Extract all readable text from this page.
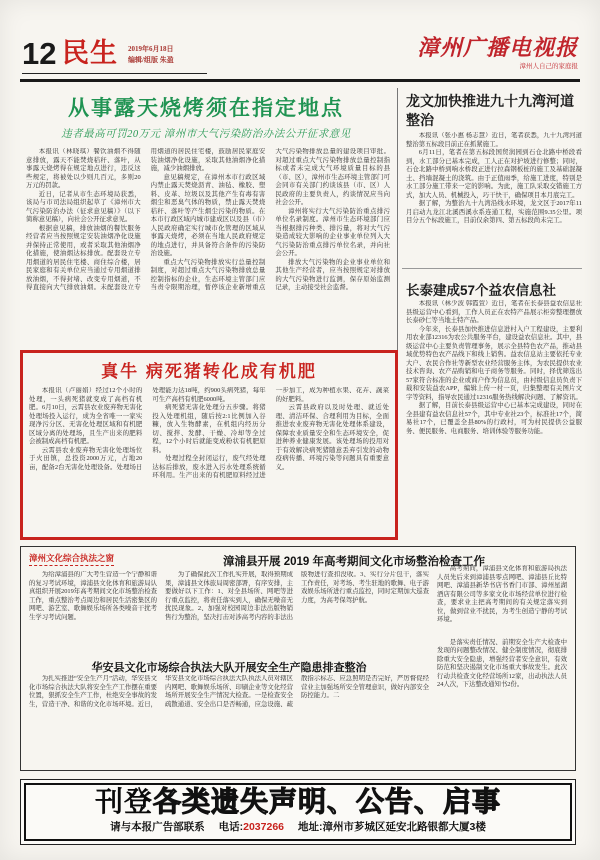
12 民生 2019年6月18日
编辑/组版 朱盈	漳州广播电视报
漳州人自己的家庭报
从事露天烧烤须在指定地点
违者最高可罚20万元 漳州市大气污染防治办法公开征求意见

本报讯（林晓琪）餐饮油烟不得随意排放，露天不能焚烧秸秆、落叶，从事露天烧烤得在规定地点进行，违反这些规定，将被处以少则几百元，多则20万元的罚款。

近日，记者从市生态环境局获悉，该局与市司法局组织起草了《漳州市大气污染防治办法（征求意见稿）》（以下简称意见稿），向社会公开征求意见。

根据意见稿，排放油烟的餐饮服务经营者应当按照规定安装油烟净化设施并保持正常使用，或者采取其他油烟净化措施，使油烟达标排放。配套设立专用烟道的居民住宅楼、商住综合楼，居民家庭和有关单位应当通过专用烟道排放油烟，不得封堵、改变专用烟道，不得直接向大气排放油烟。未配套设立专用烟道的居民住宅楼，鼓励居民家庭安装油烟净化设施，采取其他油烟净化措施，减少油烟排放。

意见稿规定，在漳州本市行政区域内禁止露天焚烧沥青、油毡、橡胶、塑料、皮革、垃圾以及其他产生有毒有害烟尘和恶臭气体的物质，禁止露天焚烧秸秆、落叶等产生烟尘污染的物质。在本市行政区域内城市建成区以及县（市）人民政府确定实行城市化管理的区域从事露天烧烤，必须在当地人民政府规定的地点进行，并具备符合条件的污染防治设施。

重点大气污染物排放实行总量控制制度，对超过重点大气污染物排放总量控制指标的企业，生态环境主管部门应当责令限期治理，暂停该企业新增重点大气污染物排放总量的建设项目审批。对超过重点大气污染物排放总量控制指标或者未完成大气环境质量目标的县（市、区），漳州市生态环境主管部门可会同市有关部门约谈该县（市、区）人民政府的主要负责人，约谈情况应当向社会公开。

漳州将实行大气污染防治重点排污单位名录制度。漳州市生态环境部门应当根据排污种类、排污量，将对大气污染造成较大影响的企业事业单位列入大气污染防治重点排污单位名录，并向社会公开。

排放大气污染物的企业事业单位和其他生产经营者，应当按照规定对排放的大气污染物进行监测，保存原始监测记录，主动接受社会监督。

真牛 病死猪转化成有机肥

本报讯（卢丽娟）经过12个小时的处理，一头病死猪就变成了高档有机肥。6月10日，云霄县农业废弃物无害化处理场投入运行，成为全省唯一一家实现净污分区、无害化处理区域和有机肥区域分离的处理场，且生产出来的肥料会被制成高档有机肥。

云霄县农业废弃物无害化处理场位于火田镇，总投资2000万元，占地20亩，配备2台无害化处理设备。处理场日处理能力达18吨，约900头病死猪，每年可生产高档有机肥6000吨。

病死猪无害化处理分五步骤。将猪投入处理机组，随后按2:1比例加入谷糠，放入生物酵素，在机组内经历分切、搅拌、发酵、干燥、冷却等全过程，12个小时后就能变成粉状有机肥原料。

处理过程全封闭运行，废气经处理达标后排放，废水进入污水处理系统循环利用。生产出来的有机肥原料经过进一步加工，成为种植水果、花卉、蔬菜的好肥料。

云霄县政府以及时处理、就近处理、清洁环保、合理利用为目标，全面推进农业废弃物无害化处理体系建设，保障农业质量安全和生态环境安全，促进种养业健康发展。该处理场的投用对于有效解决病死猪随意丢弃引发的动物疫病传播、环境污染等问题具有重要意义。

龙文加快推进九十九湾河道整治

本报讯（张小惠 杨志慧）近日，笔者获悉，九十九湾河道整治第五标段目前正在抓紧施工。

6月11日，笔者在第五标段国贸润园到石仓北路中桥段看到，水工部分已基本完成，工人正在对护坡进行修整；同时，石仓北路中桥到响水桥段正进行拉森钢板桩的施工及基础混凝土、挡墙混凝土的浇筑。由于正值雨季，给施工进度，特别是水工部分施工带来一定的影响。为此，施工队采取交错施工方式，加大人员、机械投入，巧干快干，确保项目本月底完工。

据了解，为整治九十九湾沿线水环境，龙文区于2017年11月启动九龙江北溪西溪水系连通工程，实施范围9.35公里。项目分五个标段施工，目前仅余第四、第五标段尚未完工。

长泰建成57个益农信息社

本报讯（林少波 韩霞萱）近日，笔者在长泰县益农信息社县级运营中心看到，工作人员正在农特产品展示柜旁整理摆放长泰砂仁等当地土特产品。

今年来，长泰县加快推进信息进村入户工程建设，主要利用农业部12316为农公共服务平台，建设益农信息社。其中，县级运营中心主要负责管理事务，展示全县特色农产品，推动县域优势特色农产品线下和线上销售。益农信息站主要依托专业大户、农民合作社等新型农业经营服务主体，为农民提供农业技术咨询、农产品购销和电子商务等服务。同时，择优筛选出57家符合标准的企业或商户作为信息员，由村级信息员负责下载和安装益农APP，编辑上传一村一页，归集整理有关图片文字等资料，指导农民通过12316服务热线解决问题、了解资讯。

据了解，目前长泰县级运营中心已基本完成建设，同时在全县建有益农信息社57个，其中专业社23个，标准社17个，简易社17个，已覆盖全县80%的行政村，可为村民提供公益服务、便民服务、电商服务、培训体验等服务功能。

漳州文化综合执法之窗	漳浦县开展 2019 年高考期间文化市场整治检查工作

为给漳浦县的广大考生营造一个宁静和谐的复习考试环境，漳浦县文化体育和旅游局认真组织开展2019年高考期间文化市场整治检查工作，重点整治考点周边和居民生活密集区的网吧、游艺室、歌舞娱乐场所各类噪音干扰考生学习考试问题。

为了确保此次工作扎实开展，取得预期成果，漳浦县文体旅局周密部署，有序安排，主要做好以下工作：1、对全县场所、网吧等进行重点监控，将责任落实到人，确保无噪音无扰民现象。2、加强对校园周边非法出版物销售行为整治，坚决打击对涉高考内容的非法出版物进行查扣没收。3、实行分片包干，落实工作责任，对考场、考生驻地的歌舞、电子游戏娱乐场所进行重点监控，同时定期加大巡查力度，为高考保驾护航。

华安县文化市场综合执法大队开展安全生产隐患排查整治

为扎实推进“安全生产月”活动，华安县文化市场综合执法大队将安全生产工作摆在重要位置，狠抓安全生产工作，杜绝安全事故的发生，营造干净、和谐的文化市场环境。近日，华安县文化市场综合执法大队执法人员对辖区内网吧、歌舞娱乐场所、印刷企业等文化经营场所开展安全生产情况大检查。一是检查安全疏散通道、安全出口是否畅通，应急设施、疏散指示标志、应急照明是否完好，严厉督促经营业主加强场所安全管理意识，做好内部安全防控能力。二

高考期间，漳浦县文化体育和旅游局执法人员先后来到漳浦县零点网吧、漳浦县丘比特网吧、漳浦县新华书店书香门市部、漳州星湖酒店有限公司等多家文化市场经营单位进行检查，要求业主把高考期间的有关规定落实到位，做到营业不扰民，为考生创造宁静的考试环境。

是落实责任情况、前期安全生产大检查中发现的问题整改情况、健全制度情况，彻底排除重大安全隐患，增强经营者安全意识，有效防范和坚决遏制文化市场重大事故发生。此次行动共检查文化经营场所12家，出动执法人员24人次，下达整改通知书2份。

刊登各类遗失声明、公告、启事
请与本报广告部联系 电话:2037266 地址:漳州市芗城区延安北路银都大厦3楼
